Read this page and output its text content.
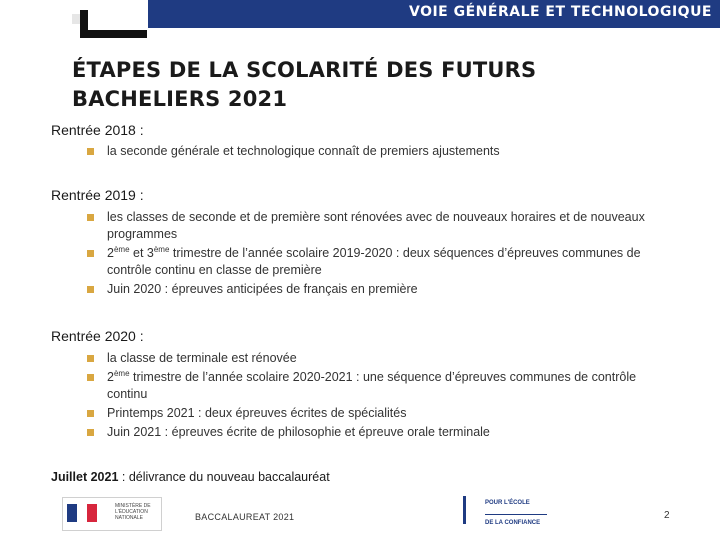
VOIE GÉNÉRALE ET TECHNOLOGIQUE
ÉTAPES DE LA SCOLARITÉ DES FUTURS
BACHELIERS 2021

Rentrée 2018 :

la seconde générale et technologique connaît de premiers ajustements

Rentrée 2019 :

les classes de seconde et de première sont rénovées avec de nouveaux horaires et de nouveaux programmes
2ème et 3ème trimestre de l’année scolaire 2019-2020 : deux séquences d’épreuves communes de contrôle continu en classe de première
Juin 2020 : épreuves anticipées de français en première

Rentrée 2020 :

la classe de terminale est rénovée
2ème trimestre de l’année scolaire 2020-2021 : une séquence d’épreuves communes de contrôle continu
Printemps 2021 : deux épreuves écrites de spécialités
Juin 2021 : épreuves écrite de philosophie et épreuve orale terminale
Juillet 2021 : délivrance du nouveau baccalauréat
MINISTÈRE DE L'ÉDUCATION NATIONALE	BACCALAUREAT 2021
POUR L'ÉCOLE
DE LA CONFIANCE
2
